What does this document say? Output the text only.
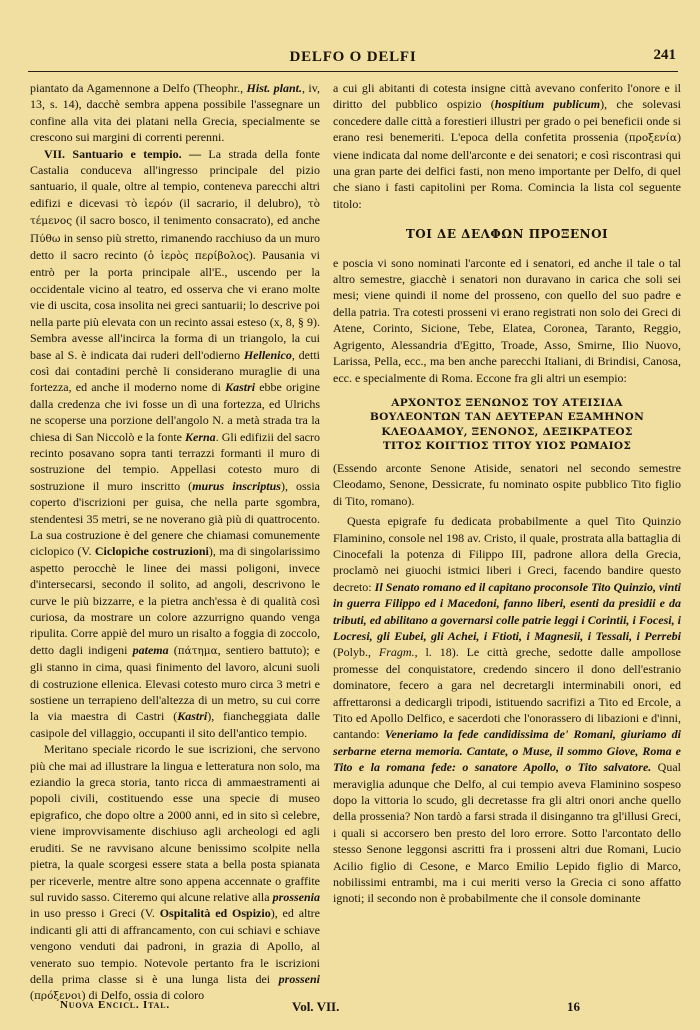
DELFO O DELFI	241

piantato da Agamennone a Delfo (Theophr., Hist. plant., iv, 13, s. 14), dacchè sembra appena possibile l'assegnare un confine alla vita dei platani nella Grecia, specialmente se crescono sui margini di correnti perenni.

VII. Santuario e tempio. — La strada della fonte Castalia conduceva all'ingresso principale del pizio santuario, il quale, oltre al tempio, conteneva parecchi altri edifizi e dicevasi τὸ ἱερόν (il sacrario, il delubro), τὸ τέμενος (il sacro bosco, il tenimento consacrato), ed anche Πύθω in senso più stretto, rimanendo racchiuso da un muro detto il sacro recinto (ὁ ἱερὸς περίβολος). Pausania vi entrò per la porta principale all'E., uscendo per la occidentale vicino al teatro, ed osserva che vi erano molte vie di uscita, cosa insolita nei greci santuarii; lo descrive poi nella parte più elevata con un recinto assai esteso (x, 8, § 9). Sembra avesse all'incirca la forma di un triangolo, la cui base al S. è indicata dai ruderi dell'odierno Hellenico, detti così dai contadini perchè li considerano muraglie di una fortezza, ed anche il moderno nome di Kastri ebbe origine dalla credenza che ivi fosse un dì una fortezza, ed Ulrichs ne scoperse una porzione dell'angolo N. a metà strada tra la chiesa di San Niccolò e la fonte Kerna. Gli edifizii del sacro recinto posavano sopra tanti terrazzi formanti il muro di sostruzione del tempio. Appellasi cotesto muro di sostruzione il muro inscritto (murus inscriptus), ossia coperto d'iscrizioni per guisa, che nella parte sgombra, stendentesi 35 metri, se ne noverano già più di quattrocento. La sua costruzione è del genere che chiamasi comunemente ciclopico (V. Ciclopiche costruzioni), ma di singolarissimo aspetto perocchè le linee dei massi poligoni, invece d'intersecarsi, secondo il solito, ad angoli, descrivono le curve le più bizzarre, e la pietra anch'essa è di qualità così curiosa, da mostrare un colore azzurrigno quando venga ripulita. Corre appiè del muro un risalto a foggia di zoccolo, detto dagli indigeni patema (πάτημα, sentiero battuto); e gli stanno in cima, quasi finimento del lavoro, alcuni suoli di costruzione ellenica. Elevasi cotesto muro circa 3 metri e sostiene un terrapieno dell'altezza di un metro, su cui corre la via maestra di Castri (Kastri), fiancheggiata dalle casipole del villaggio, occupanti il sito dell'antico tempio.

Meritano speciale ricordo le sue iscrizioni, che servono più che mai ad illustrare la lingua e letteratura non solo, ma eziandio la greca storia, tanto ricca di ammaestramenti ai popoli civili, costituendo esse una specie di museo epigrafico, che dopo oltre a 2000 anni, ed in sito sì celebre, viene improvvisamente dischiuso agli archeologi ed agli eruditi. Se ne ravvisano alcune benissimo scolpite nella pietra, la quale scorgesi essere stata a bella posta spianata per riceverle, mentre altre sono appena accennate o graffite sul ruvido sasso. Citeremo qui alcune relative alla prossenia in uso presso i Greci (V. Ospitalità ed Ospizio), ed altre indicanti gli atti di affrancamento, con cui schiavi e schiave vengono venduti dai padroni, in grazia di Apollo, al venerato suo tempio. Notevole pertanto fra le iscrizioni della prima classe si è una lunga lista dei prosseni (πρόξενοι) di Delfo, ossia di coloro

a cui gli abitanti di cotesta insigne città avevano conferito l'onore e il diritto del pubblico ospizio (hospitium publicum), che solevasi concedere dalle città a forestieri illustri per grado o pei beneficii onde si erano resi benemeriti. L'epoca della confetita prossenia (προξενία) viene indicata dal nome dell'arconte e dei senatori; e così riscontrasi qui una gran parte dei delfici fasti, non meno importante per Delfo, di quel che siano i fasti capitolini per Roma. Comincia la lista col seguente titolo:

ΤΟΙ ΔΕ ΔΕΛΦΩΝ ΠΡΟΞΕΝΟΙ

e poscia vi sono nominati l'arconte ed i senatori, ed anche il tale o tal altro semestre, giacchè i senatori non duravano in carica che soli sei mesi; viene quindi il nome del prosseno, con quello del suo padre e della patria. Tra cotesti prosseni vi erano registrati non solo dei Greci di Atene, Corinto, Sicione, Tebe, Elatea, Coronea, Taranto, Reggio, Agrigento, Alessandria d'Egitto, Troade, Asso, Smirne, Ilio Nuovo, Larissa, Pella, ecc., ma ben anche parecchi Italiani, di Brindisi, Canosa, ecc. e specialmente di Roma. Eccone fra gli altri un esempio:

ΑΡΧΟΝΤΟΣ ΞΕΝΩΝΟΣ ΤΟΥ ΑΤΕΙΣΙΔΑ
ΒΟΥΛΕΟΝΤΩΝ ΤΑΝ ΔΕΥΤΕΡΑΝ ΕΞΑΜΗΝΟΝ
ΚΛΕΟΔΑΜΟΥ, ΞΕΝΟΝΟΣ, ΔΕΞΙΚΡΑΤΕΟΣ
ΤΙΤΟΣ ΚΟΙΓΤΙΟΣ ΤΙΤΟΥ ΥΙΟΣ ΡΩΜΑΙΟΣ

(Essendo arconte Senone Atiside, senatori nel secondo semestre Cleodamo, Senone, Dessicrate, fu nominato ospite pubblico Tito figlio di Tito, romano).

Questa epigrafe fu dedicata probabilmente a quel Tito Quinzio Flaminino, console nel 198 av. Cristo, il quale, prostrata alla battaglia di Cinocefali la potenza di Filippo III, padrone allora della Grecia, proclamò nei giuochi istmici liberi i Greci, facendo bandire questo decreto: Il Senato romano ed il capitano proconsole Tito Quinzio, vinti in guerra Filippo ed i Macedoni, fanno liberi, esenti da presidii e da tributi, ed abilitano a governarsi colle patrie leggi i Corintii, i Focesi, i Locresi, gli Eubei, gli Achei, i Ftioti, i Magnesii, i Tessali, i Perrebi (Polyb., Fragm., l. 18). Le città greche, sedotte dalle ampollose promesse del conquistatore, credendo sincero il dono dell'estranio dominatore, fecero a gara nel decretargli interminabili onori, ed affrettaronsi a dedicargli tripodi, istituendo sacrifizi a Tito ed Ercole, a Tito ed Apollo Delfico, e sacerdoti che l'onorassero di libazioni e d'inni, cantando: Veneriamo la fede candidissima de' Romani, giuriamo di serbarne eterna memoria. Cantate, o Muse, il sommo Giove, Roma e Tito e la romana fede: o sanatore Apollo, o Tito salvatore. Qual meraviglia adunque che Delfo, al cui tempio aveva Flaminino sospeso dopo la vittoria lo scudo, gli decretasse fra gli altri onori anche quello della prossenia? Non tardò a farsi strada il disinganno tra gl'illusi Greci, i quali si accorsero ben presto del loro errore. Sotto l'arcontato dello stesso Senone leggonsi ascritti fra i prosseni altri due Romani, Lucio Acilio figlio di Cesone, e Marco Emilio Lepido figlio di Marco, nobilissimi entrambi, ma i cui meriti verso la Grecia ci sono affatto ignoti; il secondo non è probabilmente che il console dominante

Nuova Encicl. Ital.	Vol. VII.	16
